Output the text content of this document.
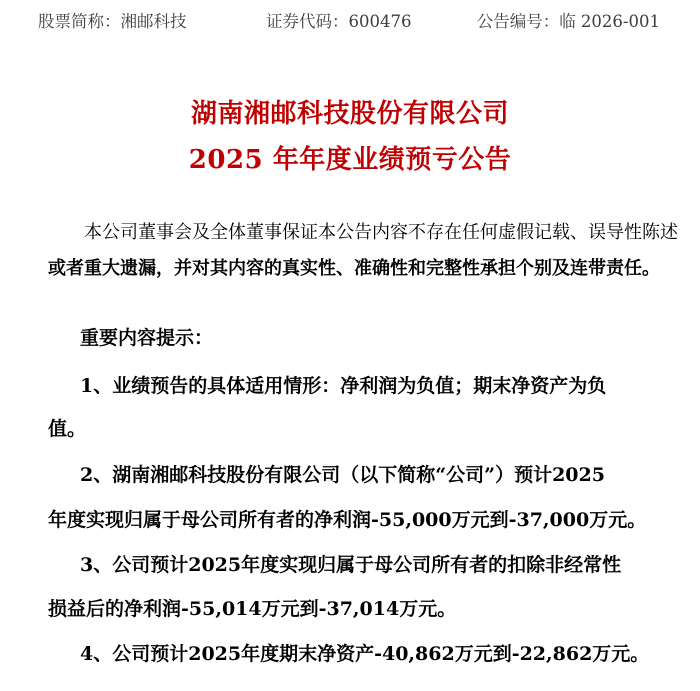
股票简称：湘邮科技	证券代码：600476	公告编号：临 2026-001
湖南湘邮科技股份有限公司
2025 年年度业绩预亏公告

本公司董事会及全体董事保证本公告内容不存在任何虚假记载、误导性陈述

或者重大遗漏，并对其内容的真实性、准确性和完整性承担个别及连带责任。

重要内容提示：

1、业绩预告的具体适用情形：净利润为负值；期末净资产为负

值。

2、湖南湘邮科技股份有限公司（以下简称“公司”）预计2025

年度实现归属于母公司所有者的净利润-55,000万元到-37,000万元。

3、公司预计2025年度实现归属于母公司所有者的扣除非经常性

损益后的净利润-55,014万元到-37,014万元。

4、公司预计2025年度期末净资产-40,862万元到-22,862万元。
